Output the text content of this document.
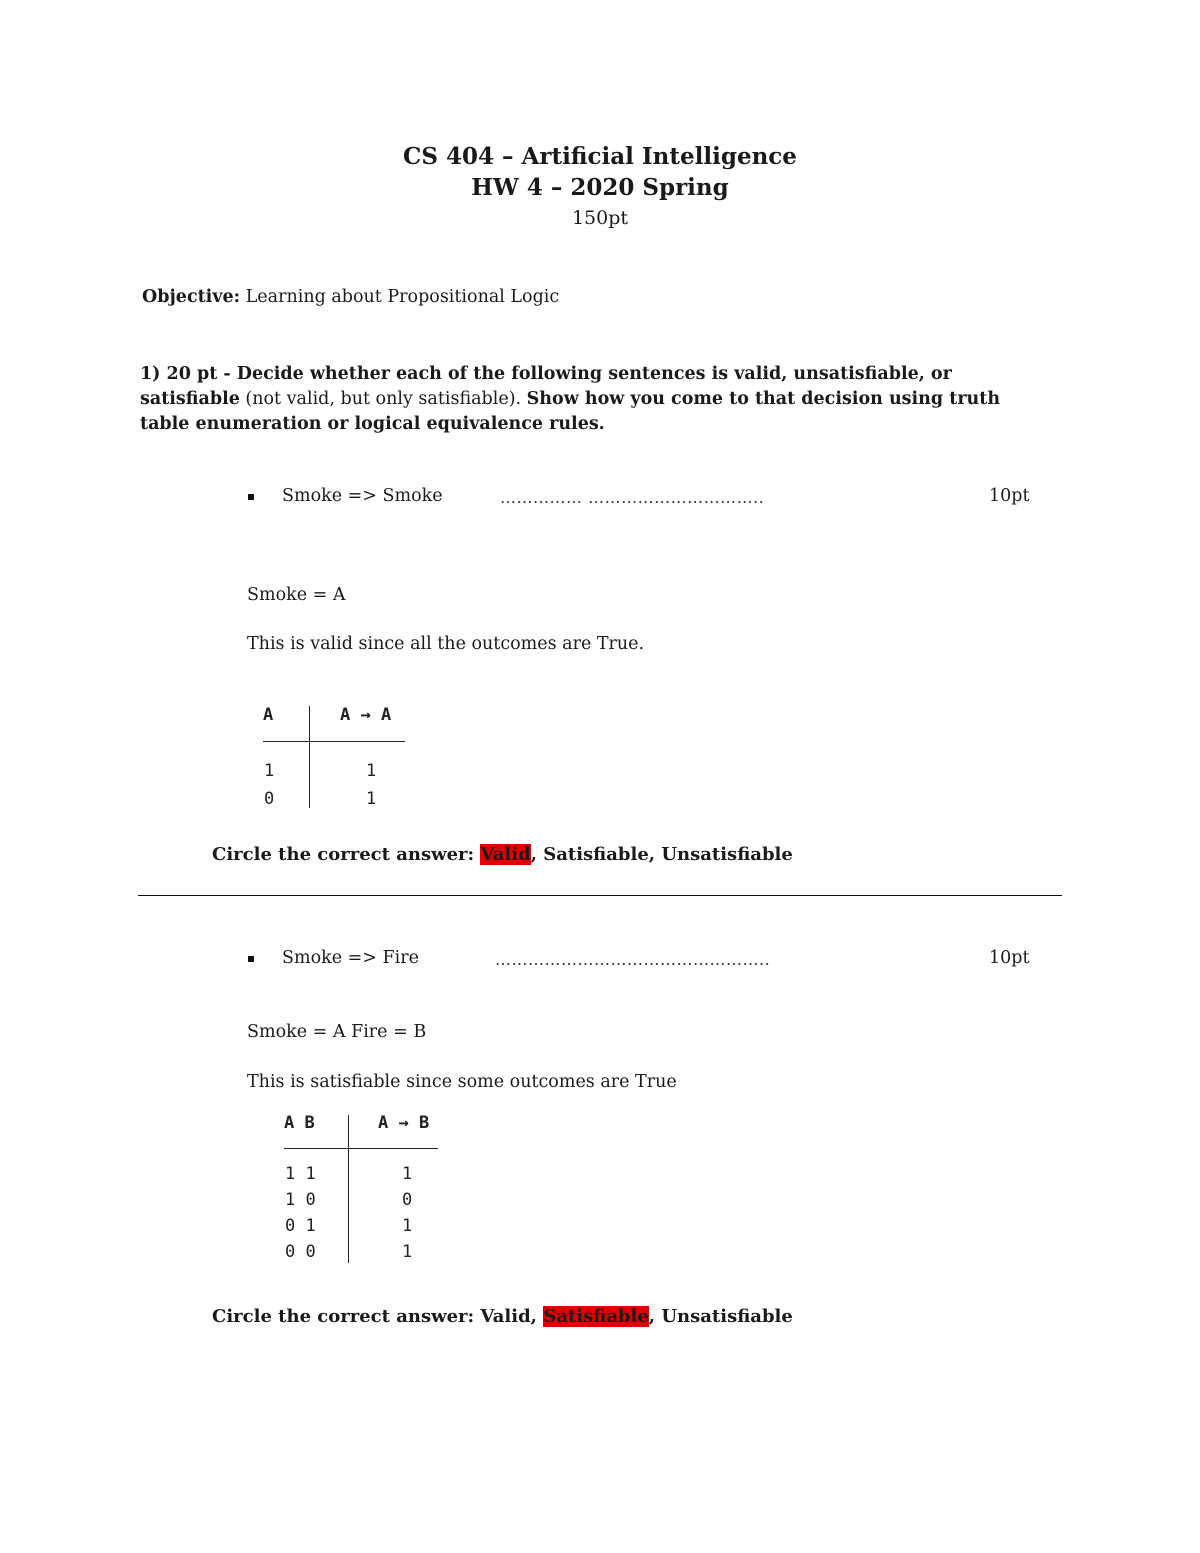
CS 404 – Artificial Intelligence
HW 4 – 2020 Spring
150pt
Objective: Learning about Propositional Logic
1) 20 pt - Decide whether each of the following sentences is valid, unsatisfiable, or satisfiable (not valid, but only satisfiable). Show how you come to that decision using truth table enumeration or logical equivalence rules.
Smoke => Smoke	…………… …………………………..	10pt
Smoke = A
This is valid since all the outcomes are True.
A	A → A
1	1
0	1
Circle the correct answer: Valid, Satisfiable, Unsatisfiable
Smoke => Fire	…………………………………………..	10pt
Smoke = A Fire = B
This is satisfiable since some outcomes are True
A B	A → B
1 1	1
1 0	0
0 1	1
0 0	1
Circle the correct answer: Valid, Satisfiable, Unsatisfiable
